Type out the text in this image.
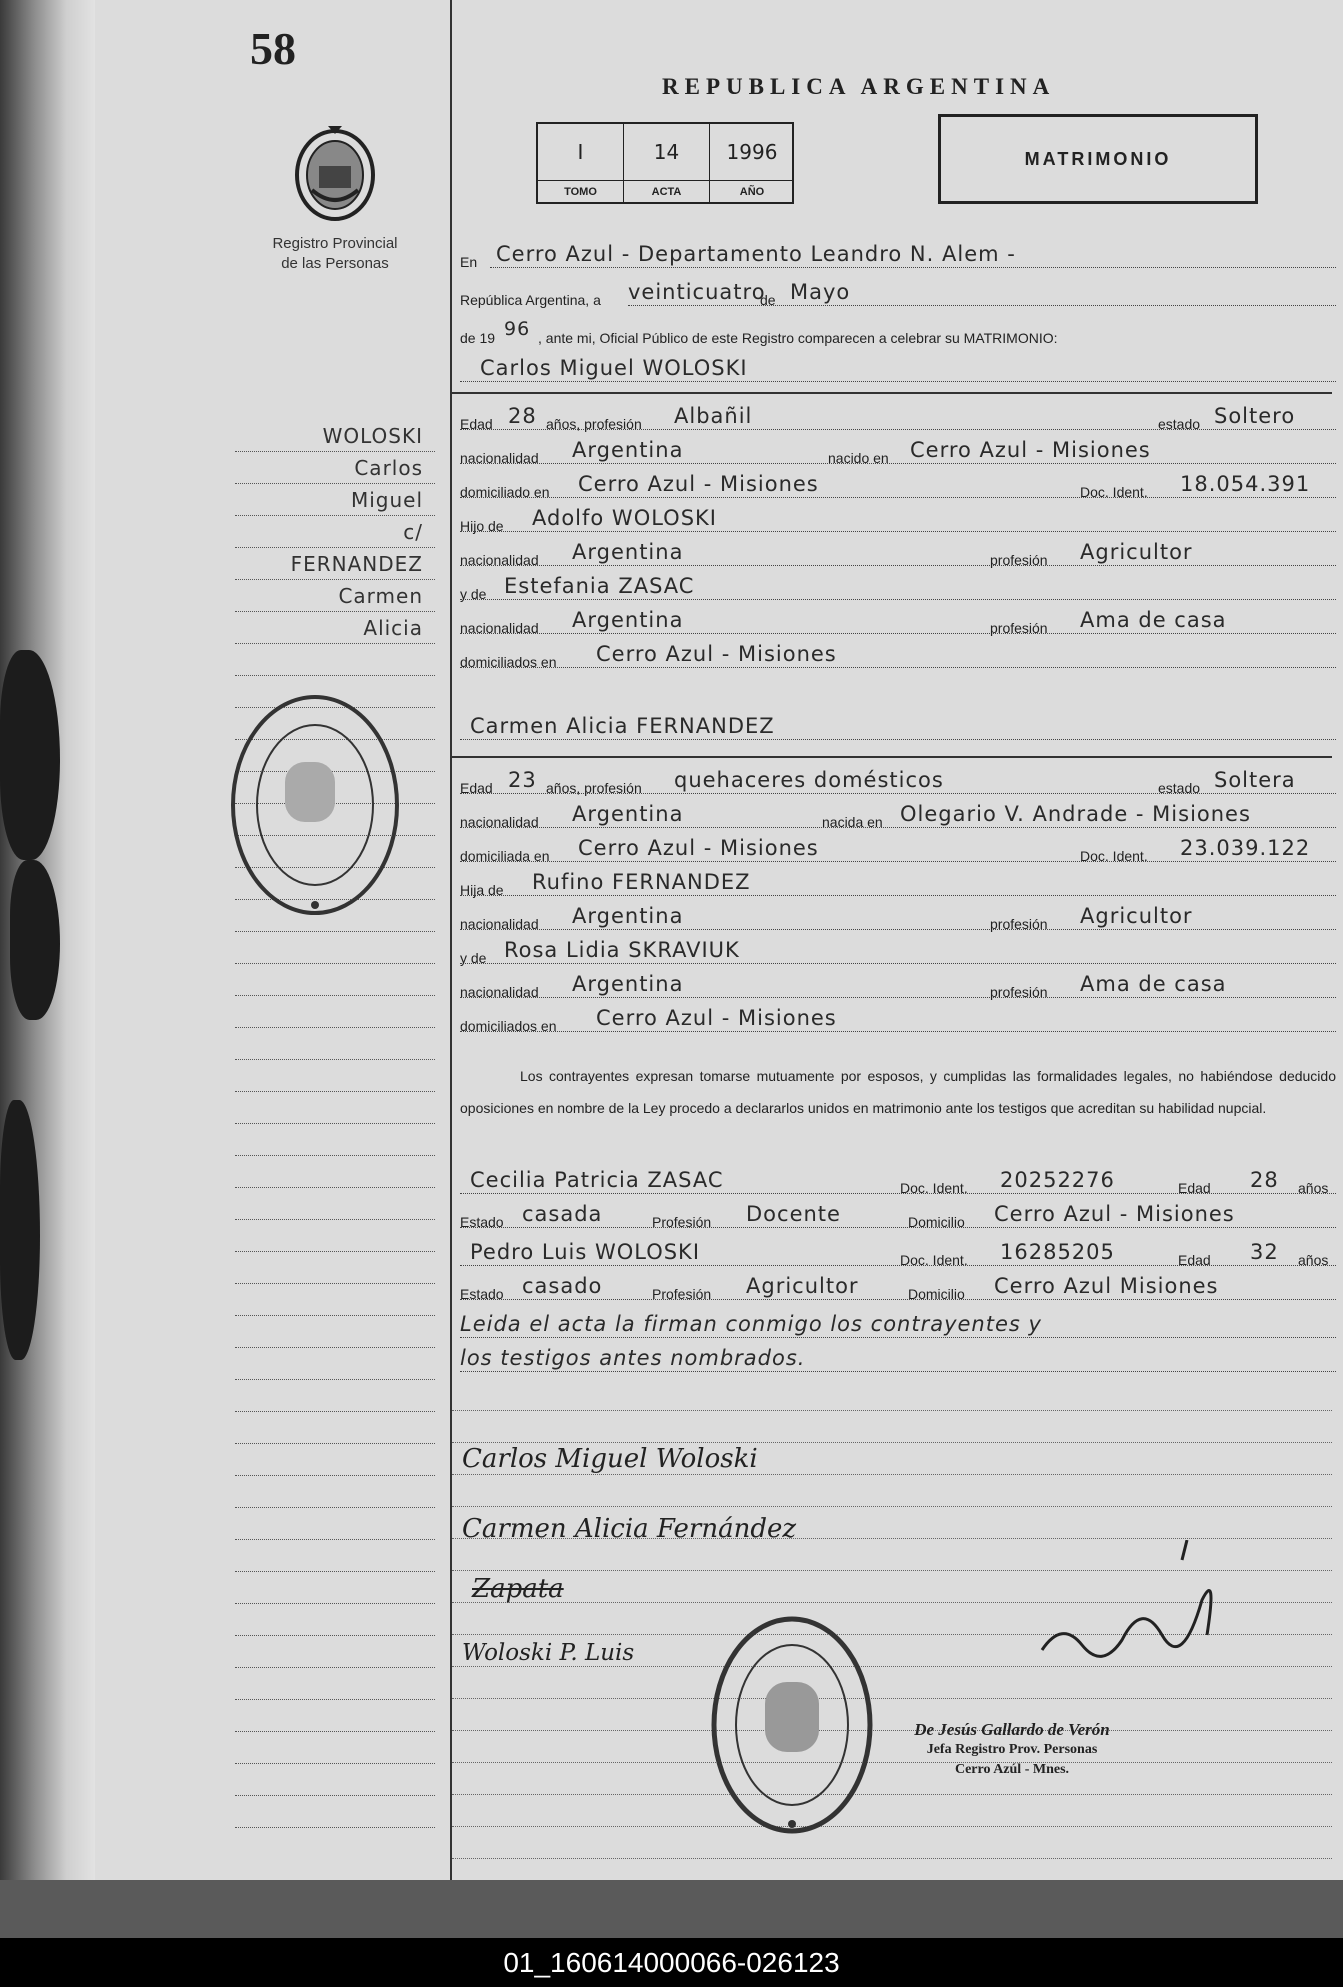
58
Registro Provincial
de las Personas
WOLOSKI
Carlos
Miguel
c/
FERNANDEZ
Carmen
Alicia
REPUBLICA ARGENTINA
I	14	1996
TOMO	ACTA	AÑO
MATRIMONIO
En Cerro Azul - Departamento Leandro N. Alem -
República Argentina, a veinticuatro
de Mayo
de 19 96 , ante mi, Oficial Público de este Registro comparecen a celebrar su MATRIMONIO:
Carlos Miguel WOLOSKI
Edad 28 años, profesión Albañil	estado Soltero
nacionalidad Argentina	nacido en Cerro Azul - Misiones
domiciliado en Cerro Azul - Misiones	Doc. Ident. 18.054.391
Hijo de Adolfo WOLOSKI
nacionalidad Argentina	profesión Agricultor
y de Estefania ZASAC
nacionalidad Argentina	profesión Ama de casa
domiciliados en Cerro Azul - Misiones
Carmen Alicia FERNANDEZ
Edad 23 años, profesión quehaceres domésticos	estado Soltera
nacionalidad Argentina	nacida en Olegario V. Andrade - Misiones
domiciliada en Cerro Azul - Misiones	Doc. Ident. 23.039.122
Hija de Rufino FERNANDEZ
nacionalidad Argentina	profesión Agricultor
y de Rosa Lidia SKRAVIUK
nacionalidad Argentina	profesión Ama de casa
domiciliados en Cerro Azul - Misiones
Los contrayentes expresan tomarse mutuamente por esposos, y cumplidas las formalidades legales, no habiéndose deducido oposiciones en nombre de la Ley procedo a declararlos unidos en matrimonio ante los testigos que acreditan su habilidad nupcial.
Cecilia Patricia ZASAC	Doc. Ident. 20252276	Edad 28 años
Estado casada	Profesión Docente	Domicilio Cerro Azul - Misiones
Pedro Luis WOLOSKI	Doc. Ident. 16285205	Edad 32 años
Estado casado	Profesión Agricultor	Domicilio Cerro Azul Misiones
Leida el acta la firman conmigo los contrayentes y
los testigos antes nombrados.
Carlos Miguel Woloski
Carmen Alicia Fernández
Zapata
Woloski P. Luis
De Jesús Gallardo de Verón
Jefa Registro Prov. Personas
Cerro Azúl - Mnes.
01_160614000066-026123
